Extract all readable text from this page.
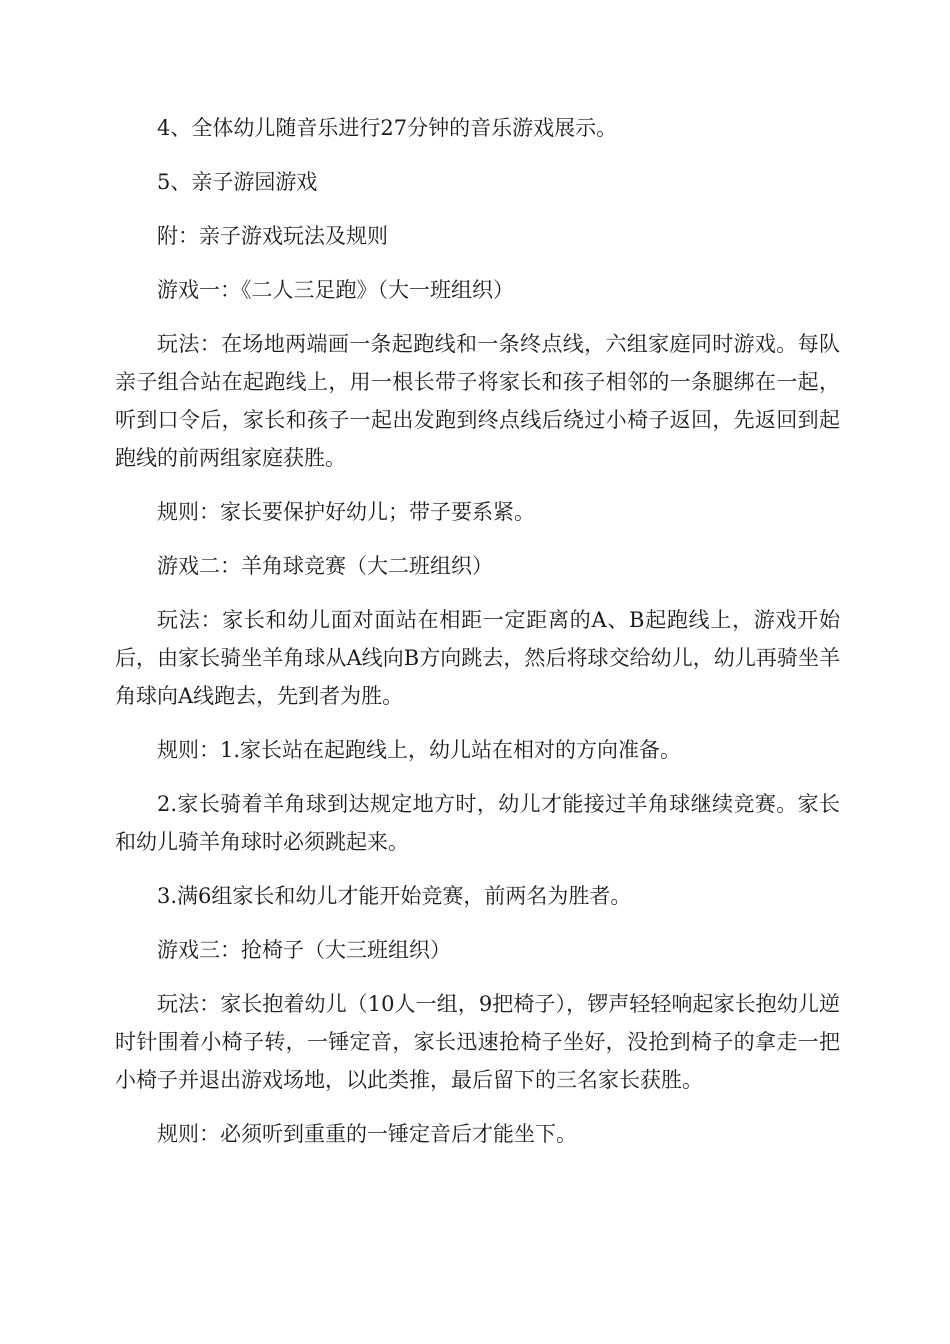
4、全体幼儿随音乐进行27分钟的音乐游戏展示。

5、亲子游园游戏

附：亲子游戏玩法及规则

游戏一：《二人三足跑》（大一班组织）

玩法：在场地两端画一条起跑线和一条终点线，六组家庭同时游戏。每队亲子组合站在起跑线上，用一根长带子将家长和孩子相邻的一条腿绑在一起，听到口令后，家长和孩子一起出发跑到终点线后绕过小椅子返回，先返回到起跑线的前两组家庭获胜。

规则：家长要保护好幼儿；带子要系紧。

游戏二：羊角球竞赛（大二班组织）

玩法：家长和幼儿面对面站在相距一定距离的A、B起跑线上，游戏开始后，由家长骑坐羊角球从A线向B方向跳去，然后将球交给幼儿，幼儿再骑坐羊角球向A线跑去，先到者为胜。

规则：1.家长站在起跑线上，幼儿站在相对的方向准备。

2.家长骑着羊角球到达规定地方时，幼儿才能接过羊角球继续竞赛。家长和幼儿骑羊角球时必须跳起来。

3.满6组家长和幼儿才能开始竞赛，前两名为胜者。

游戏三：抢椅子（大三班组织）

玩法：家长抱着幼儿（10人一组，9把椅子），锣声轻轻响起家长抱幼儿逆时针围着小椅子转，一锤定音，家长迅速抢椅子坐好，没抢到椅子的拿走一把小椅子并退出游戏场地，以此类推，最后留下的三名家长获胜。

规则：必须听到重重的一锤定音后才能坐下。
